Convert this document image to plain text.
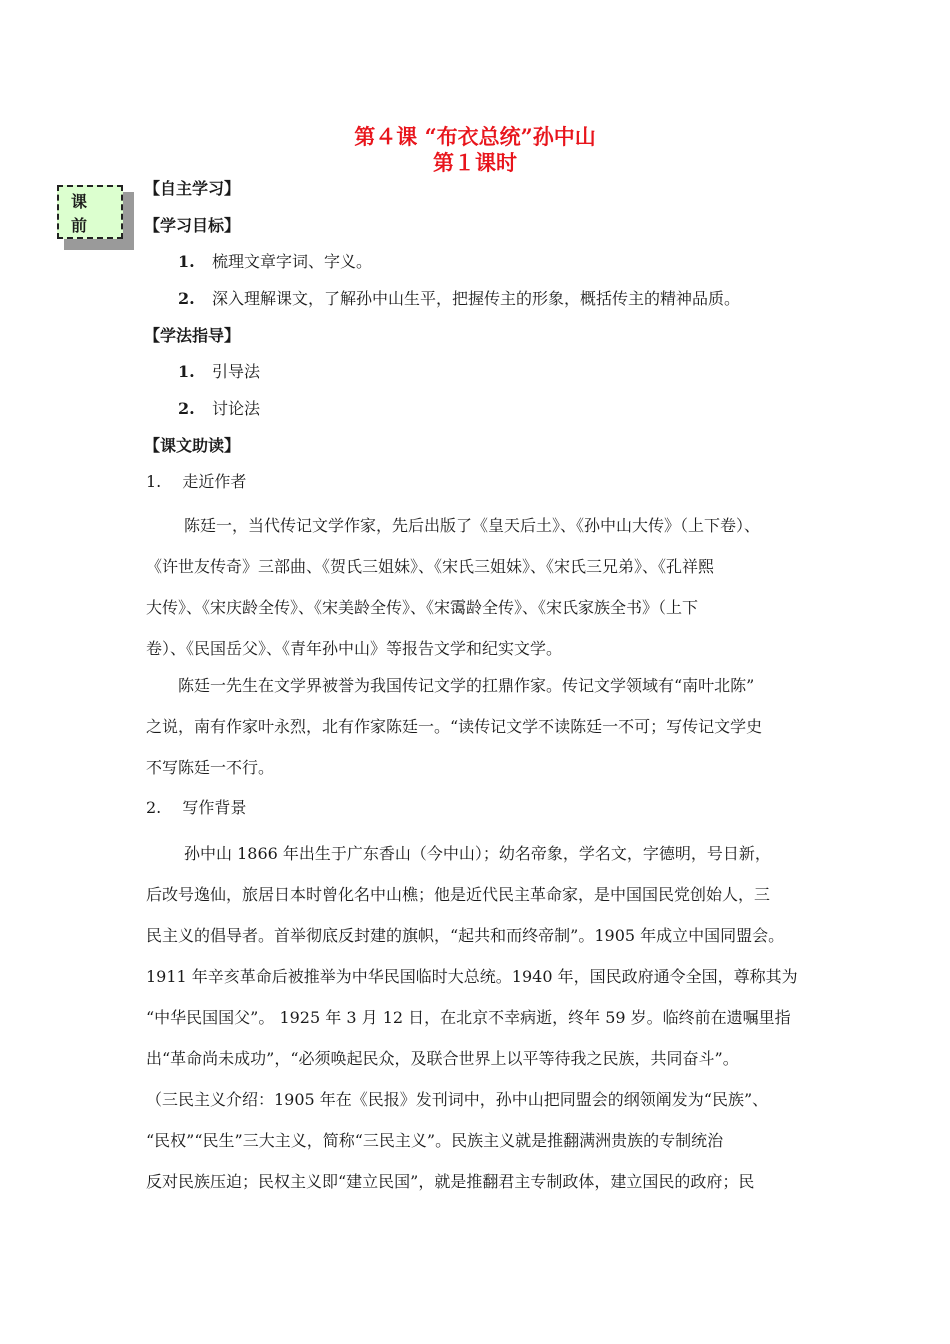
第４课 “布衣总统”孙中山
第１课时
课
前
【自主学习】
【学习目标】
1. 梳理文章字词、字义。
2. 深入理解课文，了解孙中山生平，把握传主的形象，概括传主的精神品质。
【学法指导】
1. 引导法
2. 讨论法
【课文助读】
1.　 走近作者
陈廷一，当代传记文学作家，先后出版了《皇天后土》、《孙中山大传》（上下卷）、
《许世友传奇》三部曲、《贺氏三姐妹》、《宋氏三姐妹》、《宋氏三兄弟》、《孔祥熙
大传》、《宋庆龄全传》、《宋美龄全传》、《宋霭龄全传》、《宋氏家族全书》（上下
卷）、《民国岳父》、《青年孙中山》等报告文学和纪实文学。
陈廷一先生在文学界被誉为我国传记文学的扛鼎作家。传记文学领域有“南叶北陈”
之说，南有作家叶永烈，北有作家陈廷一。“读传记文学不读陈廷一不可；写传记文学史
不写陈廷一不行。
2.　 写作背景
孙中山 1866 年出生于广东香山（今中山）；幼名帝象，学名文，字德明，号日新，
后改号逸仙，旅居日本时曾化名中山樵；他是近代民主革命家，是中国国民党创始人，三
民主义的倡导者。首举彻底反封建的旗帜，“起共和而终帝制”。1905 年成立中国同盟会。
1911 年辛亥革命后被推举为中华民国临时大总统。1940 年，国民政府通令全国，尊称其为
“中华民国国父”。 1925 年 3 月 12 日，在北京不幸病逝，终年 59 岁。临终前在遗嘱里指
出“革命尚未成功”，“必须唤起民众，及联合世界上以平等待我之民族，共同奋斗”。
（三民主义介绍：1905 年在《民报》发刊词中，孙中山把同盟会的纲领阐发为“民族”、
“民权”“民生”三大主义，简称“三民主义”。民族主义就是推翻满洲贵族的专制统治
反对民族压迫；民权主义即“建立民国”，就是推翻君主专制政体，建立国民的政府；民
